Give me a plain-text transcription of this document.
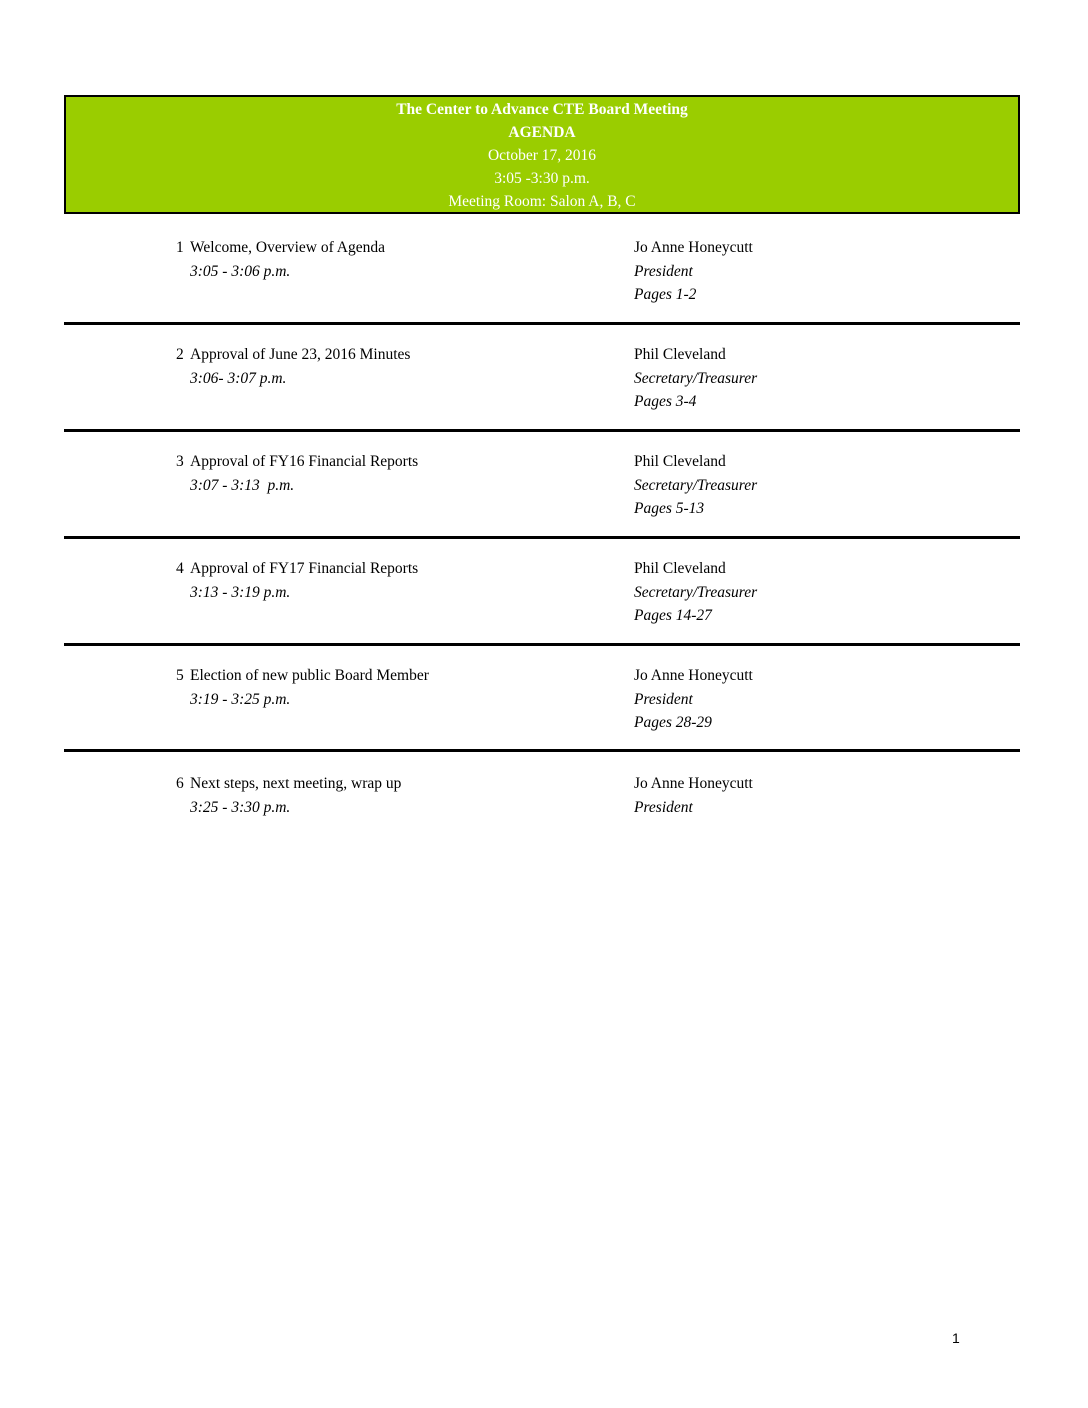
The Center to Advance CTE Board Meeting
AGENDA
October 17, 2016
3:05 -3:30 p.m.
Meeting Room: Salon A, B, C
1 Welcome, Overview of Agenda
3:05 - 3:06 p.m.
Jo Anne Honeycutt
President
Pages 1-2
2 Approval of June 23, 2016 Minutes
3:06- 3:07 p.m.
Phil Cleveland
Secretary/Treasurer
Pages 3-4
3 Approval of FY16 Financial Reports
3:07 - 3:13  p.m.
Phil Cleveland
Secretary/Treasurer
Pages 5-13
4 Approval of FY17 Financial Reports
3:13 - 3:19 p.m.
Phil Cleveland
Secretary/Treasurer
Pages 14-27
5 Election of new public Board Member
3:19 - 3:25 p.m.
Jo Anne Honeycutt
President
Pages 28-29
6 Next steps, next meeting, wrap up
3:25 - 3:30 p.m.
Jo Anne Honeycutt
President
1
